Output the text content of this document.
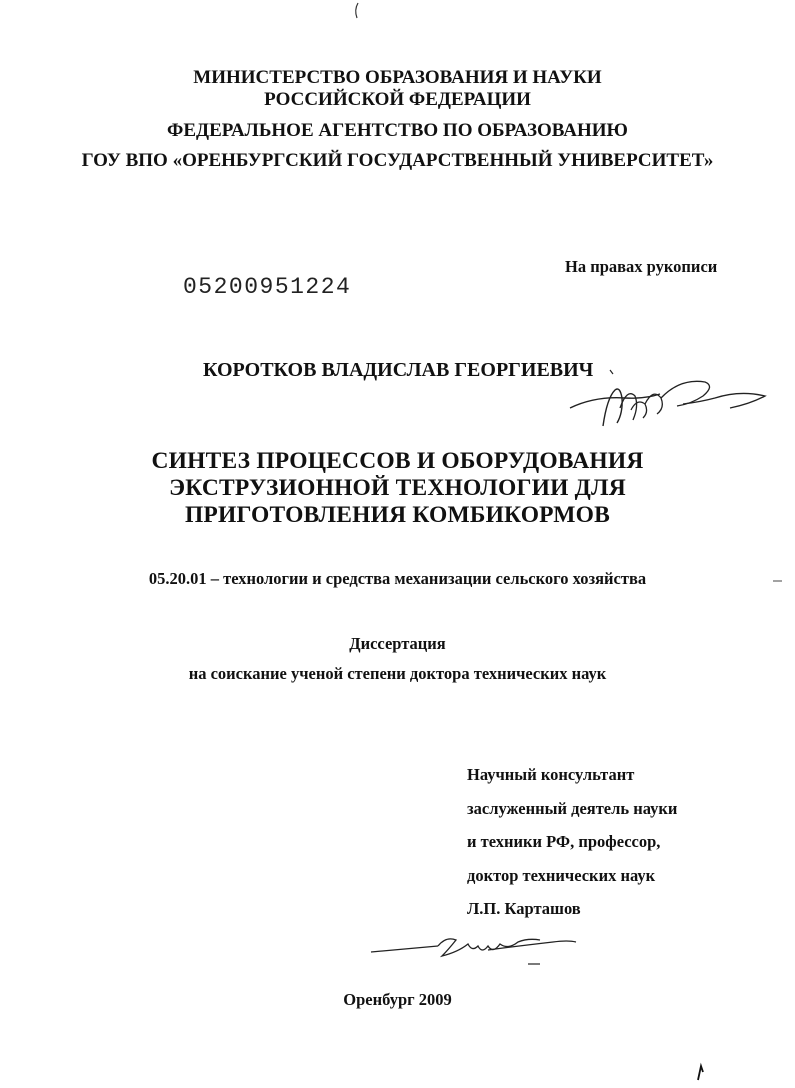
МИНИСТЕРСТВО ОБРАЗОВАНИЯ И НАУКИ
РОССИЙСКОЙ ФЕДЕРАЦИИ
ФЕДЕРАЛЬНОЕ АГЕНТСТВО ПО ОБРАЗОВАНИЮ
ГОУ ВПО «ОРЕНБУРГСКИЙ ГОСУДАРСТВЕННЫЙ УНИВЕРСИТЕТ»
На правах рукописи
05200951224
КОРОТКОВ ВЛАДИСЛАВ ГЕОРГИЕВИЧ
СИНТЕЗ ПРОЦЕССОВ И ОБОРУДОВАНИЯ
ЭКСТРУЗИОННОЙ ТЕХНОЛОГИИ ДЛЯ
ПРИГОТОВЛЕНИЯ КОМБИКОРМОВ
05.20.01 – технологии и средства механизации сельского хозяйства
Диссертация
на соискание ученой степени доктора технических наук
Научный консультант
заслуженный деятель науки
и техники РФ, профессор,
доктор технических наук
Л.П. Карташов
Оренбург 2009
